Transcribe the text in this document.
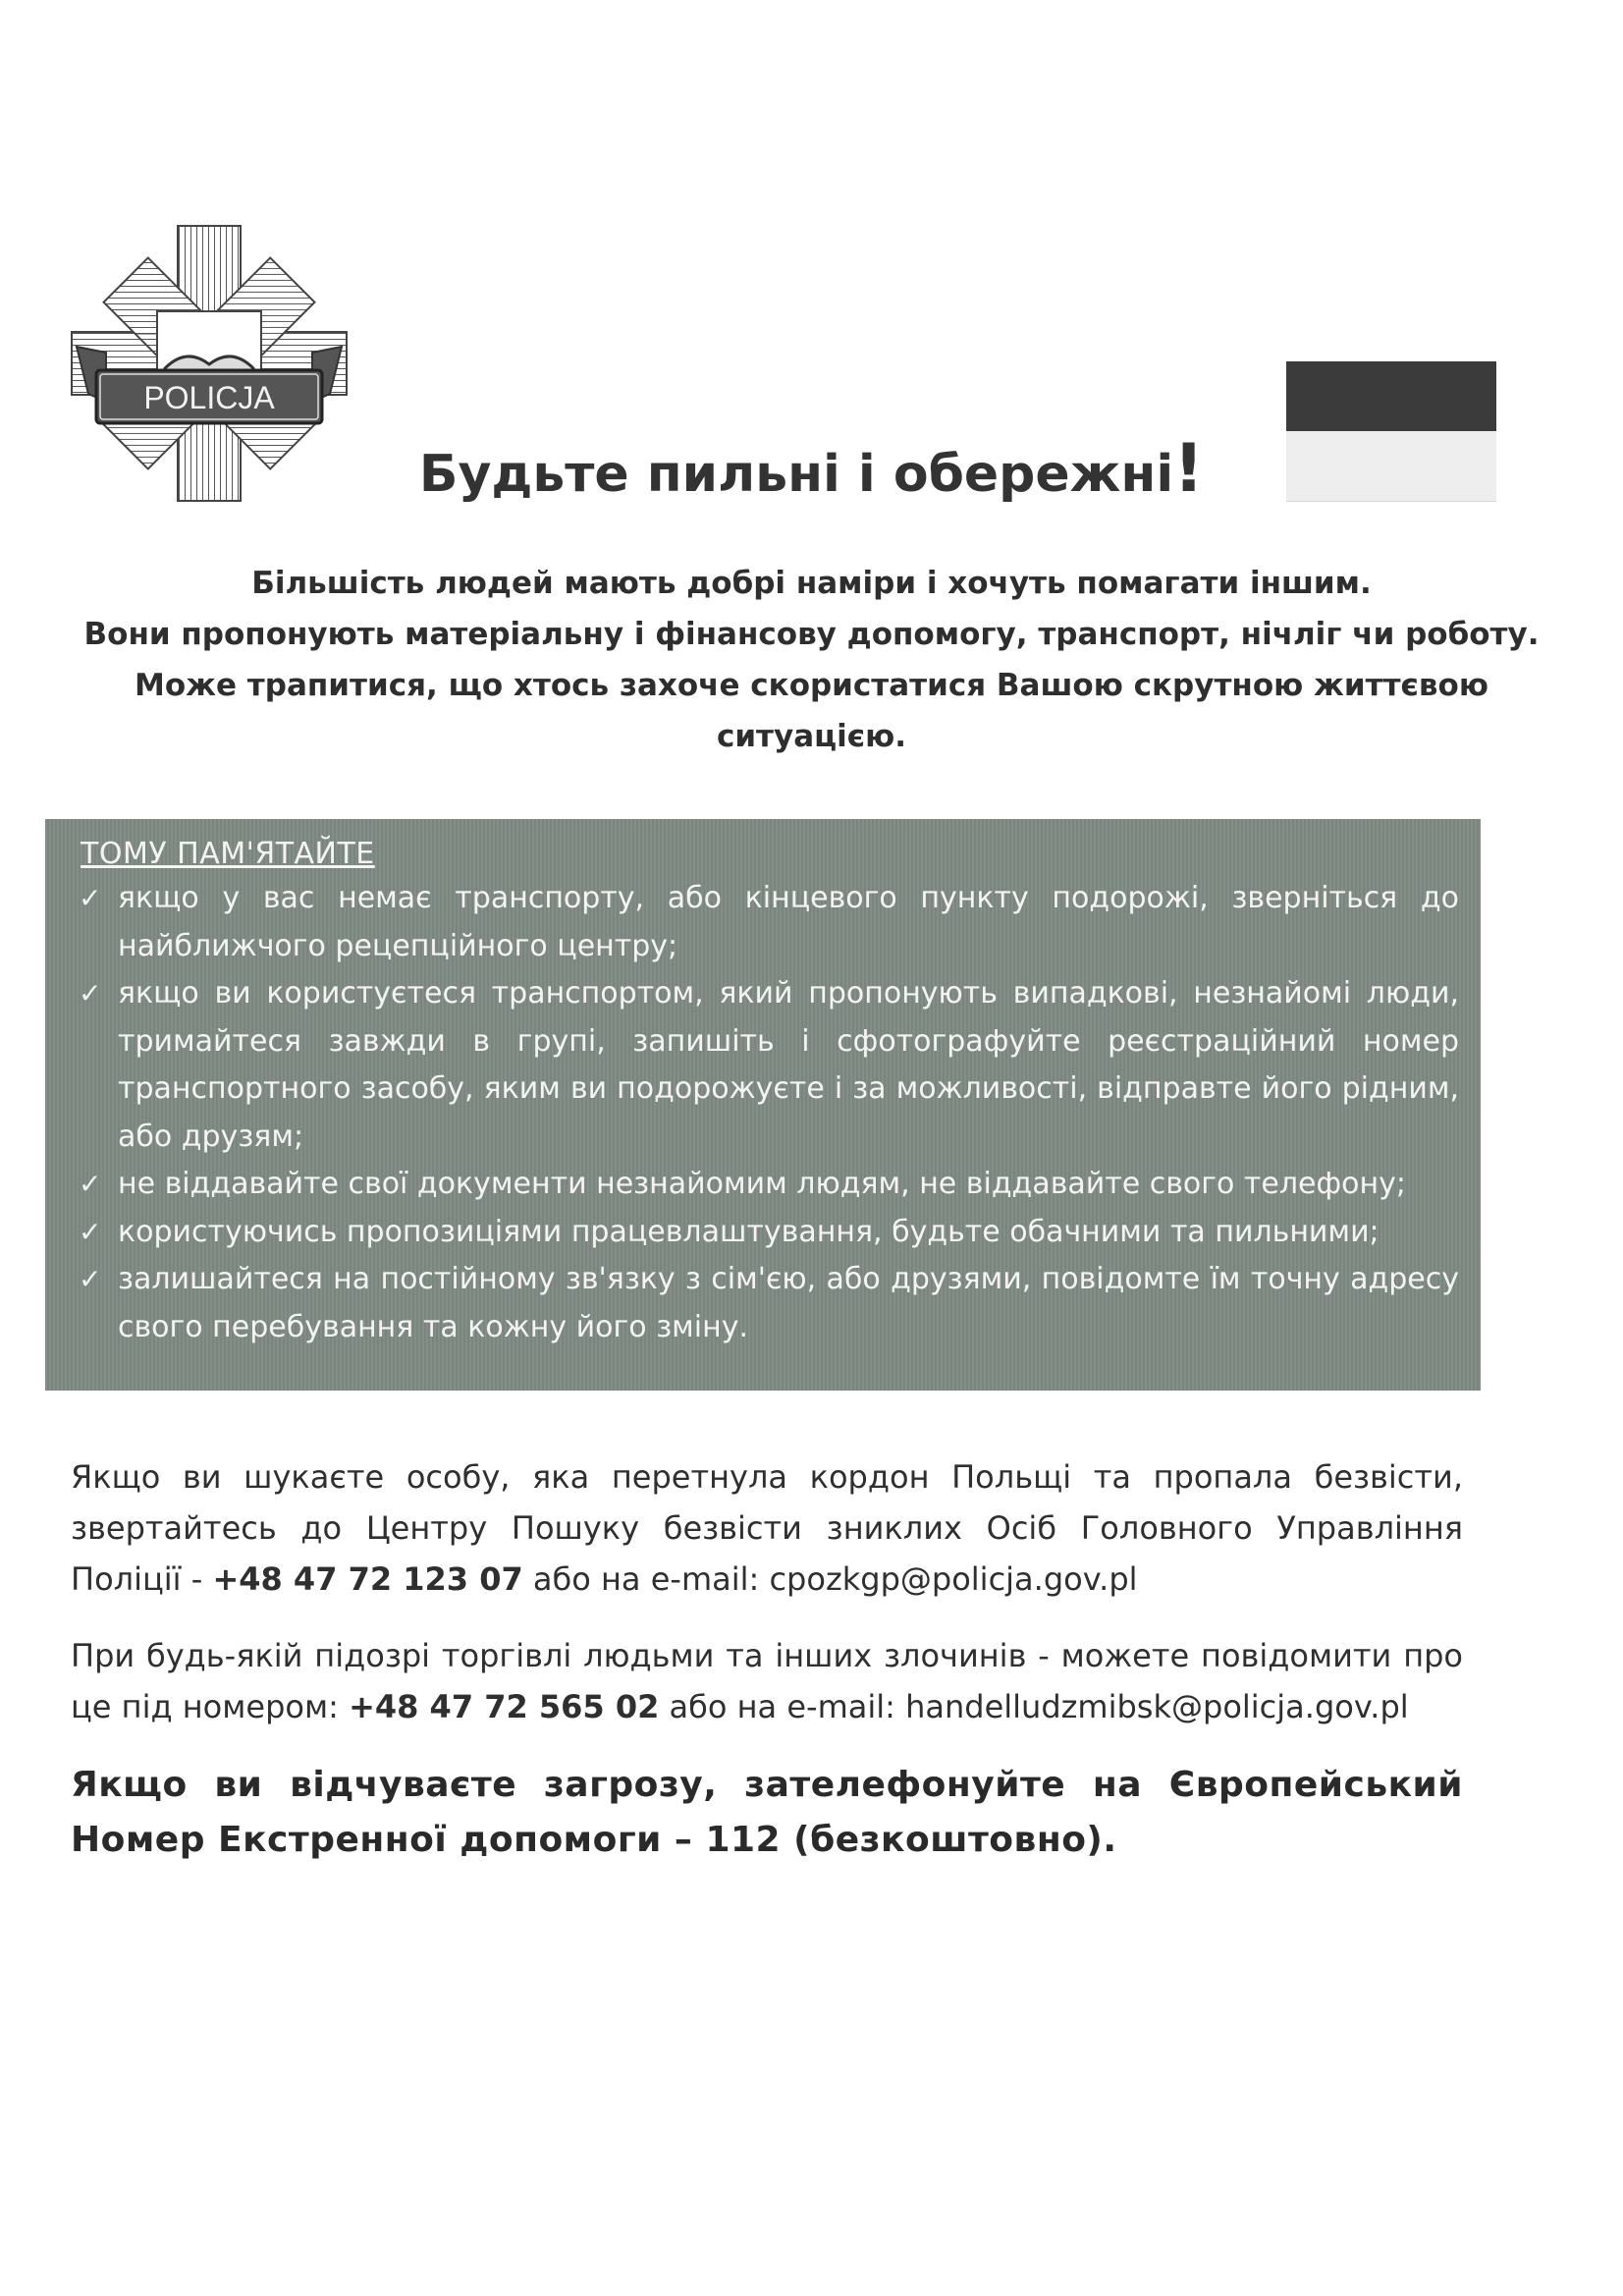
POLICJA
Будьте пильні і обережні!

Більшість людей мають добрі наміри і хочуть помагати іншим.
Вони пропонують матеріальну і фінансову допомогу, транспорт, нічліг чи роботу.
Може трапитися, що хтось захоче скористатися Вашою скрутною життєвою ситуацією.

ТОМУ ПАМ'ЯТАЙТЕ
✓ якщо у вас немає транспорту, або кінцевого пункту подорожі, зверніться до найближчого рецепційного центру;
✓ якщо ви користуєтеся транспортом, який пропонують випадкові, незнайомі люди, тримайтеся завжди в групі, запишіть і сфотографуйте реєстраційний номер транспортного засобу, яким ви подорожуєте і за можливості, відправте його рідним, або друзям;
✓ не віддавайте свої документи незнайомим людям, не віддавайте свого телефону;
✓ користуючись пропозиціями працевлаштування, будьте обачними та пильними;
✓ залишайтеся на постійному зв'язку з сім'єю, або друзями, повідомте їм точну адресу свого перебування та кожну його зміну.

Якщо ви шукаєте особу, яка перетнула кордон Польщі та пропала безвісти, звертайтесь до Центру Пошуку безвісти зниклих Осіб Головного Управління Поліції - +48 47 72 123 07 або на e-mail: cpozkgp@policja.gov.pl

При будь-якій підозрі торгівлі людьми та інших злочинів - можете повідомити про це під номером: +48 47 72 565 02 або на e-mail: handelludzmibsk@policja.gov.pl

Якщо ви відчуваєте загрозу, зателефонуйте на Європейський Номер Екстренної допомоги – 112 (безкоштовно).
